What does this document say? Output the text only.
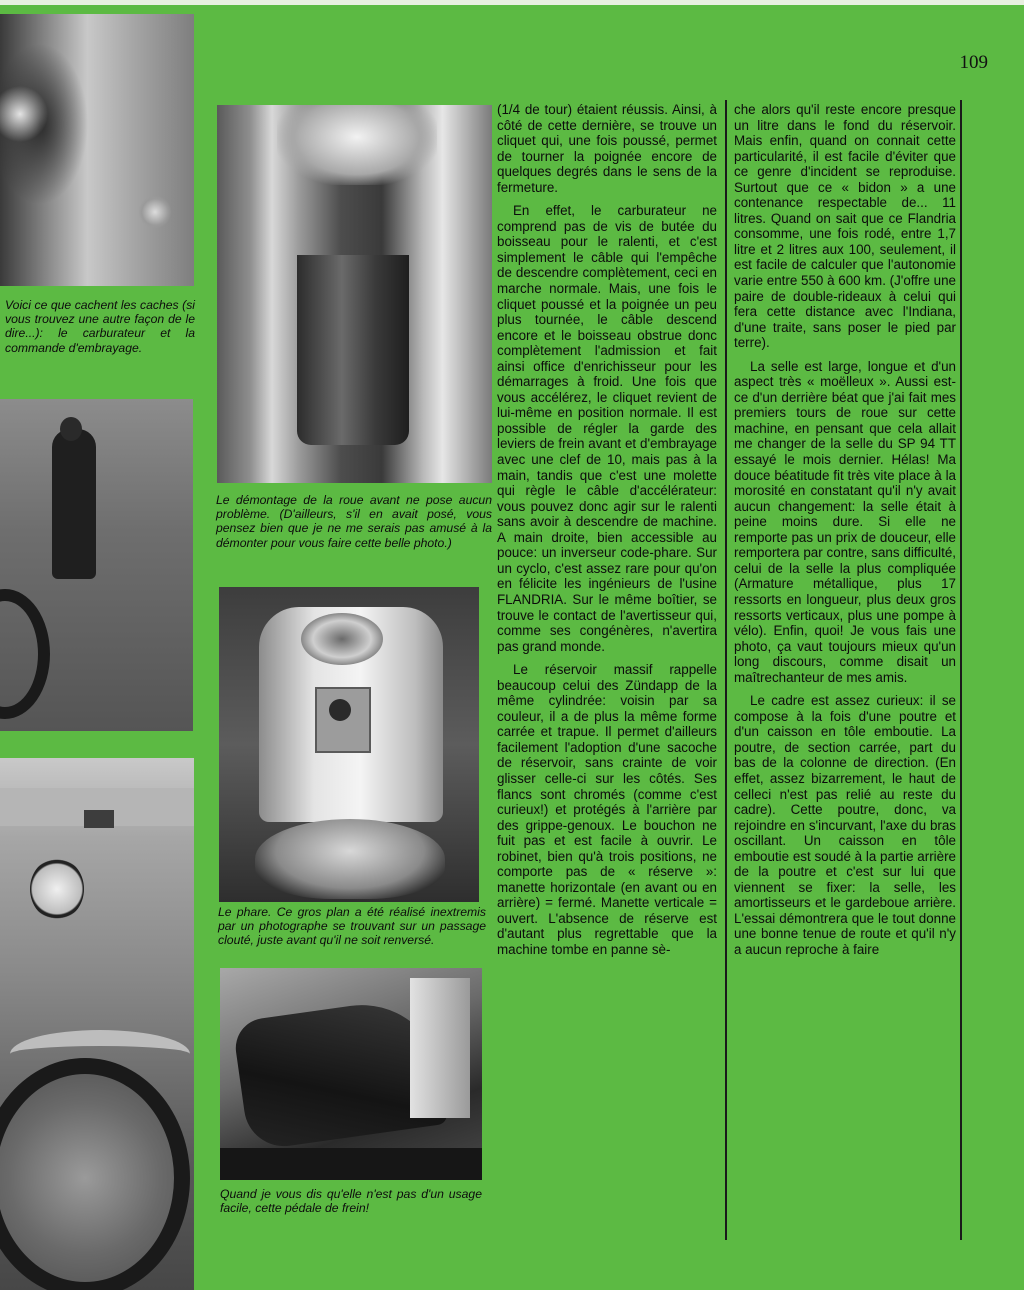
Voici ce que cachent les caches (si vous trouvez une autre façon de le dire...): le carburateur et la commande d'embrayage.
Le démontage de la roue avant ne pose aucun problème. (D'ailleurs, s'il en avait posé, vous pensez bien que je ne me serais pas amusé à la démonter pour vous faire cette belle photo.)
Le phare. Ce gros plan a été réalisé inextremis par un photographe se trouvant sur un passage clouté, juste avant qu'il ne soit renversé.
Quand je vous dis qu'elle n'est pas d'un usage facile, cette pédale de frein!
109

(1/4 de tour) étaient réussis. Ainsi, à côté de cette dernière, se trouve un cliquet qui, une fois poussé, permet de tourner la poignée encore de quelques degrés dans le sens de la fermeture.

En effet, le carburateur ne comprend pas de vis de butée du boisseau pour le ralenti, et c'est simplement le câble qui l'empêche de descendre complètement, ceci en marche normale. Mais, une fois le cliquet poussé et la poignée un peu plus tournée, le câble descend encore et le boisseau obstrue donc complètement l'admission et fait ainsi office d'enrichisseur pour les démarrages à froid. Une fois que vous accélérez, le cliquet revient de lui-même en position normale. Il est possible de régler la garde des leviers de frein avant et d'embrayage avec une clef de 10, mais pas à la main, tandis que c'est une molette qui règle le câble d'accélérateur: vous pouvez donc agir sur le ralenti sans avoir à descendre de machine. A main droite, bien accessible au pouce: un inverseur code-phare. Sur un cyclo, c'est assez rare pour qu'on en félicite les ingénieurs de l'usine FLANDRIA. Sur le même boîtier, se trouve le contact de l'avertisseur qui, comme ses congénères, n'avertira pas grand monde.

Le réservoir massif rappelle beaucoup celui des Zündapp de la même cylindrée: voisin par sa couleur, il a de plus la même forme carrée et trapue. Il permet d'ailleurs facilement l'adoption d'une sacoche de réservoir, sans crainte de voir glisser celle-ci sur les côtés. Ses flancs sont chromés (comme c'est curieux!) et protégés à l'arrière par des grippe-genoux. Le bouchon ne fuit pas et est facile à ouvrir. Le robinet, bien qu'à trois positions, ne comporte pas de « réserve »: manette horizontale (en avant ou en arrière) = fermé. Manette verticale = ouvert. L'absence de réserve est d'autant plus regrettable que la machine tombe en panne sè-

che alors qu'il reste encore presque un litre dans le fond du réservoir. Mais enfin, quand on connait cette particularité, il est facile d'éviter que ce genre d'incident se reproduise. Surtout que ce « bidon » a une contenance respectable de... 11 litres. Quand on sait que ce Flandria consomme, une fois rodé, entre 1,7 litre et 2 litres aux 100, seulement, il est facile de calculer que l'autonomie varie entre 550 à 600 km. (J'offre une paire de double-rideaux à celui qui fera cette distance avec l'Indiana, d'une traite, sans poser le pied par terre).

La selle est large, longue et d'un aspect très « moëlleux ». Aussi est-ce d'un derrière béat que j'ai fait mes premiers tours de roue sur cette machine, en pensant que cela allait me changer de la selle du SP 94 TT essayé le mois dernier. Hélas! Ma douce béatitude fit très vite place à la morosité en constatant qu'il n'y avait aucun changement: la selle était à peine moins dure. Si elle ne remporte pas un prix de douceur, elle remportera par contre, sans difficulté, celui de la selle la plus compliquée (Armature métallique, plus 17 ressorts en longueur, plus deux gros ressorts verticaux, plus une pompe à vélo). Enfin, quoi! Je vous fais une photo, ça vaut toujours mieux qu'un long discours, comme disait un maîtrechanteur de mes amis.

Le cadre est assez curieux: il se compose à la fois d'une poutre et d'un caisson en tôle emboutie. La poutre, de section carrée, part du bas de la colonne de direction. (En effet, assez bizarrement, le haut de celleci n'est pas relié au reste du cadre). Cette poutre, donc, va rejoindre en s'incurvant, l'axe du bras oscillant. Un caisson en tôle emboutie est soudé à la partie arrière de la poutre et c'est sur lui que viennent se fixer: la selle, les amortisseurs et le gardeboue arrière. L'essai démontrera que le tout donne une bonne tenue de route et qu'il n'y a aucun reproche à faire
